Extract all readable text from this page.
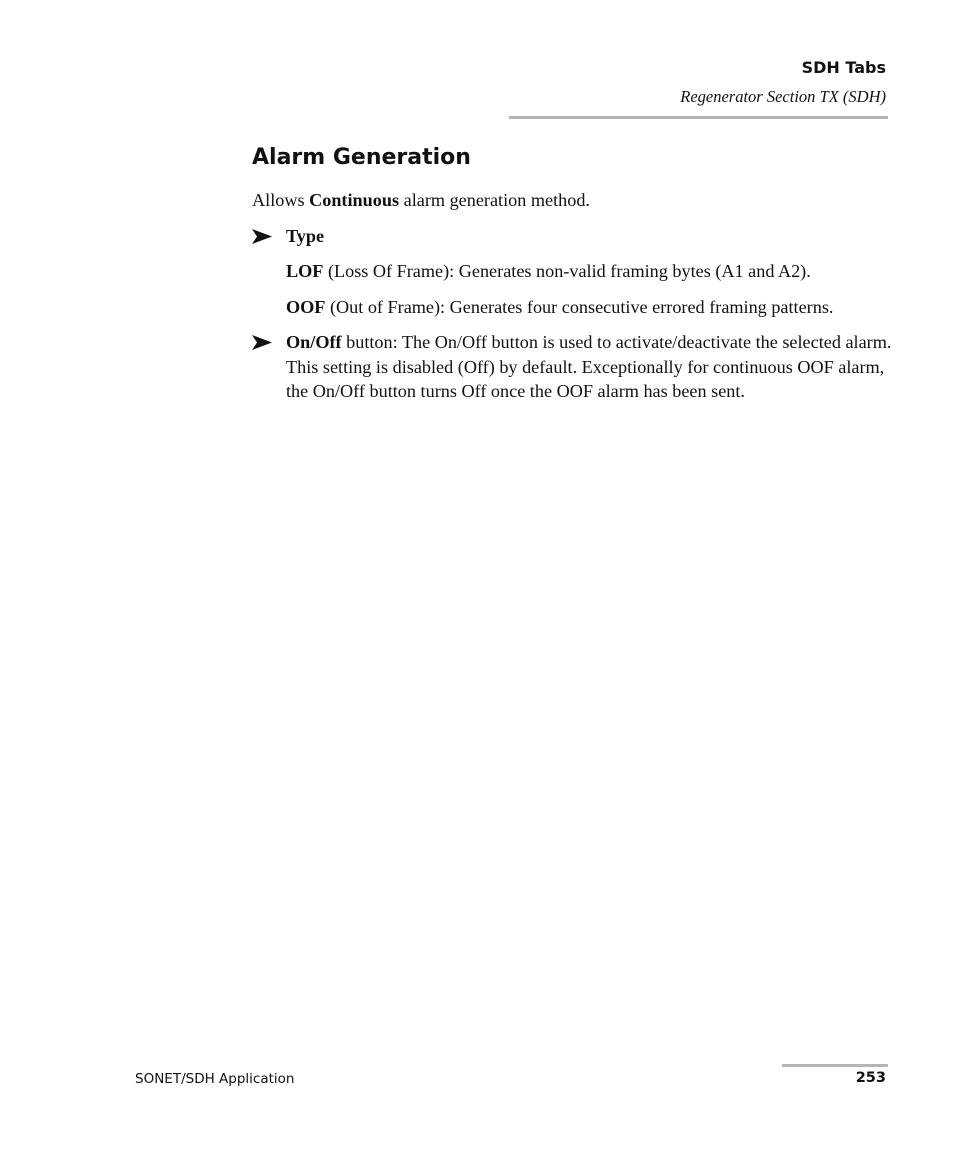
SDH Tabs
Regenerator Section TX (SDH)
Alarm Generation

Allows Continuous alarm generation method.

Type

LOF (Loss Of Frame): Generates non-valid framing bytes (A1 and A2).

OOF (Out of Frame): Generates four consecutive errored framing patterns.

On/Off button: The On/Off button is used to activate/deactivate the selected alarm. This setting is disabled (Off) by default. Exceptionally for continuous OOF alarm, the On/Off button turns Off once the OOF alarm has been sent.

SONET/SDH Application	253
